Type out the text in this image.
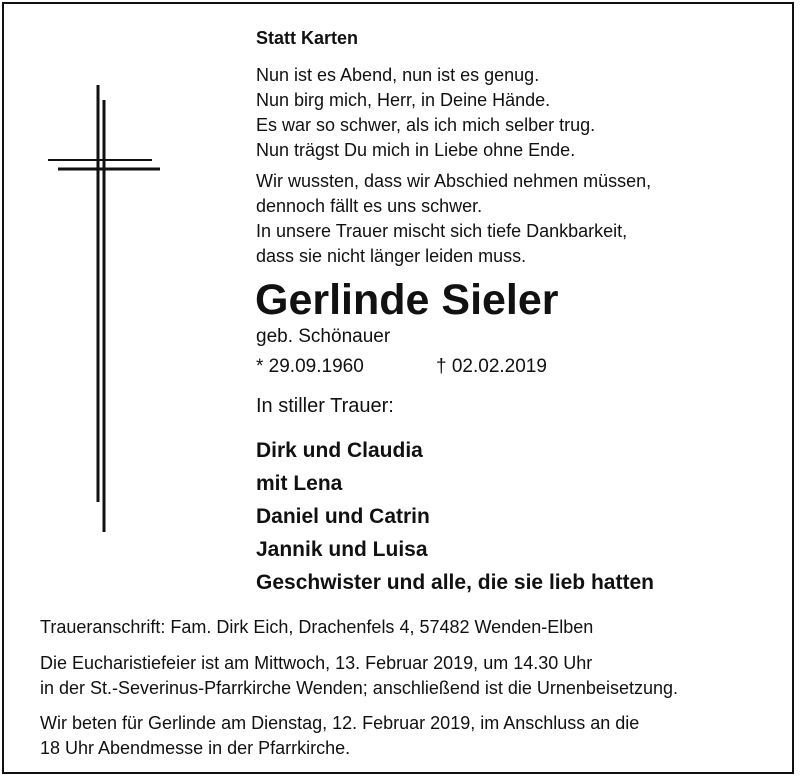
Statt Karten
Nun ist es Abend, nun ist es genug.
Nun birg mich, Herr, in Deine Hände.
Es war so schwer, als ich mich selber trug.
Nun trägst Du mich in Liebe ohne Ende.
Wir wussten, dass wir Abschied nehmen müssen,
dennoch fällt es uns schwer.
In unsere Trauer mischt sich tiefe Dankbarkeit,
dass sie nicht länger leiden muss.
Gerlinde Sieler
geb. Schönauer
* 29.09.1960	† 02.02.2019
In stiller Trauer:
Dirk und Claudia
mit Lena
Daniel und Catrin
Jannik und Luisa
Geschwister und alle, die sie lieb hatten
Traueranschrift: Fam. Dirk Eich, Drachenfels 4, 57482 Wenden-Elben
Die Eucharistiefeier ist am Mittwoch, 13. Februar 2019, um 14.30 Uhr
in der St.-Severinus-Pfarrkirche Wenden; anschließend ist die Urnenbeisetzung.
Wir beten für Gerlinde am Dienstag, 12. Februar 2019, im Anschluss an die
18 Uhr Abendmesse in der Pfarrkirche.
